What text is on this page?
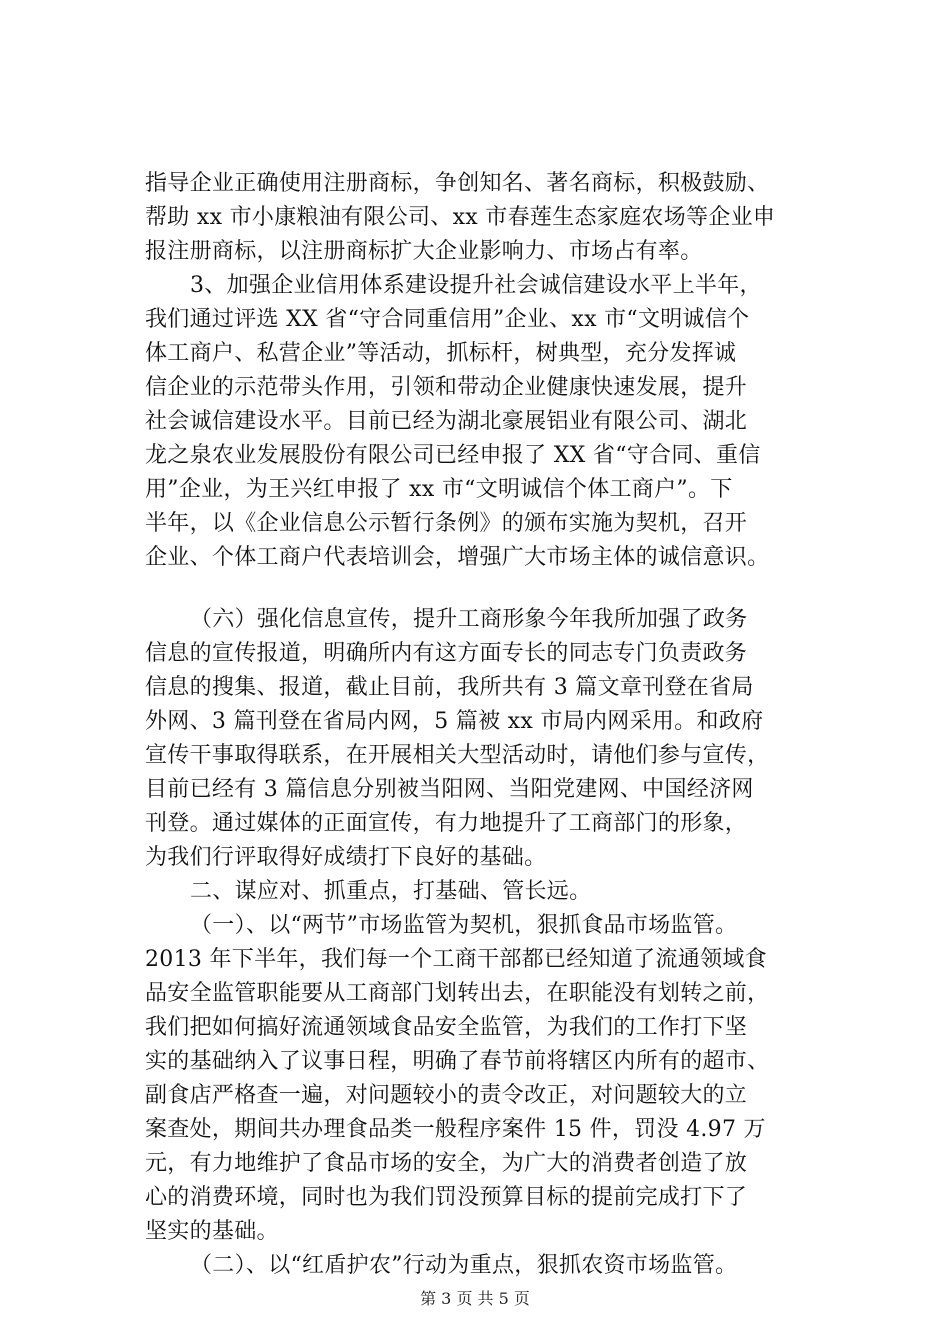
指导企业正确使用注册商标，争创知名、著名商标，积极鼓励、
帮助 xx 市小康粮油有限公司、xx 市春莲生态家庭农场等企业申
报注册商标，以注册商标扩大企业影响力、市场占有率。
3、加强企业信用体系建设提升社会诚信建设水平上半年，
我们通过评选 XX 省“守合同重信用”企业、xx 市“文明诚信个
体工商户、私营企业”等活动，抓标杆，树典型，充分发挥诚
信企业的示范带头作用，引领和带动企业健康快速发展，提升
社会诚信建设水平。目前已经为湖北豪展铝业有限公司、湖北
龙之泉农业发展股份有限公司已经申报了 XX 省“守合同、重信
用”企业，为王兴红申报了 xx 市“文明诚信个体工商户”。下
半年，以《企业信息公示暂行条例》的颁布实施为契机，召开
企业、个体工商户代表培训会，增强广大市场主体的诚信意识。
（六）强化信息宣传，提升工商形象今年我所加强了政务
信息的宣传报道，明确所内有这方面专长的同志专门负责政务
信息的搜集、报道，截止目前，我所共有 3 篇文章刊登在省局
外网、3 篇刊登在省局内网，5 篇被 xx 市局内网采用。和政府
宣传干事取得联系，在开展相关大型活动时，请他们参与宣传，
目前已经有 3 篇信息分别被当阳网、当阳党建网、中国经济网
刊登。通过媒体的正面宣传，有力地提升了工商部门的形象，
为我们行评取得好成绩打下良好的基础。
二、谋应对、抓重点，打基础、管长远。
（一）、以“两节”市场监管为契机，狠抓食品市场监管。
2013 年下半年，我们每一个工商干部都已经知道了流通领域食
品安全监管职能要从工商部门划转出去，在职能没有划转之前，
我们把如何搞好流通领域食品安全监管，为我们的工作打下坚
实的基础纳入了议事日程，明确了春节前将辖区内所有的超市、
副食店严格查一遍，对问题较小的责令改正，对问题较大的立
案查处，期间共办理食品类一般程序案件 15 件，罚没 4.97 万
元，有力地维护了食品市场的安全，为广大的消费者创造了放
心的消费环境，同时也为我们罚没预算目标的提前完成打下了
坚实的基础。
（二）、以“红盾护农”行动为重点，狠抓农资市场监管。
第 3 页 共 5 页
